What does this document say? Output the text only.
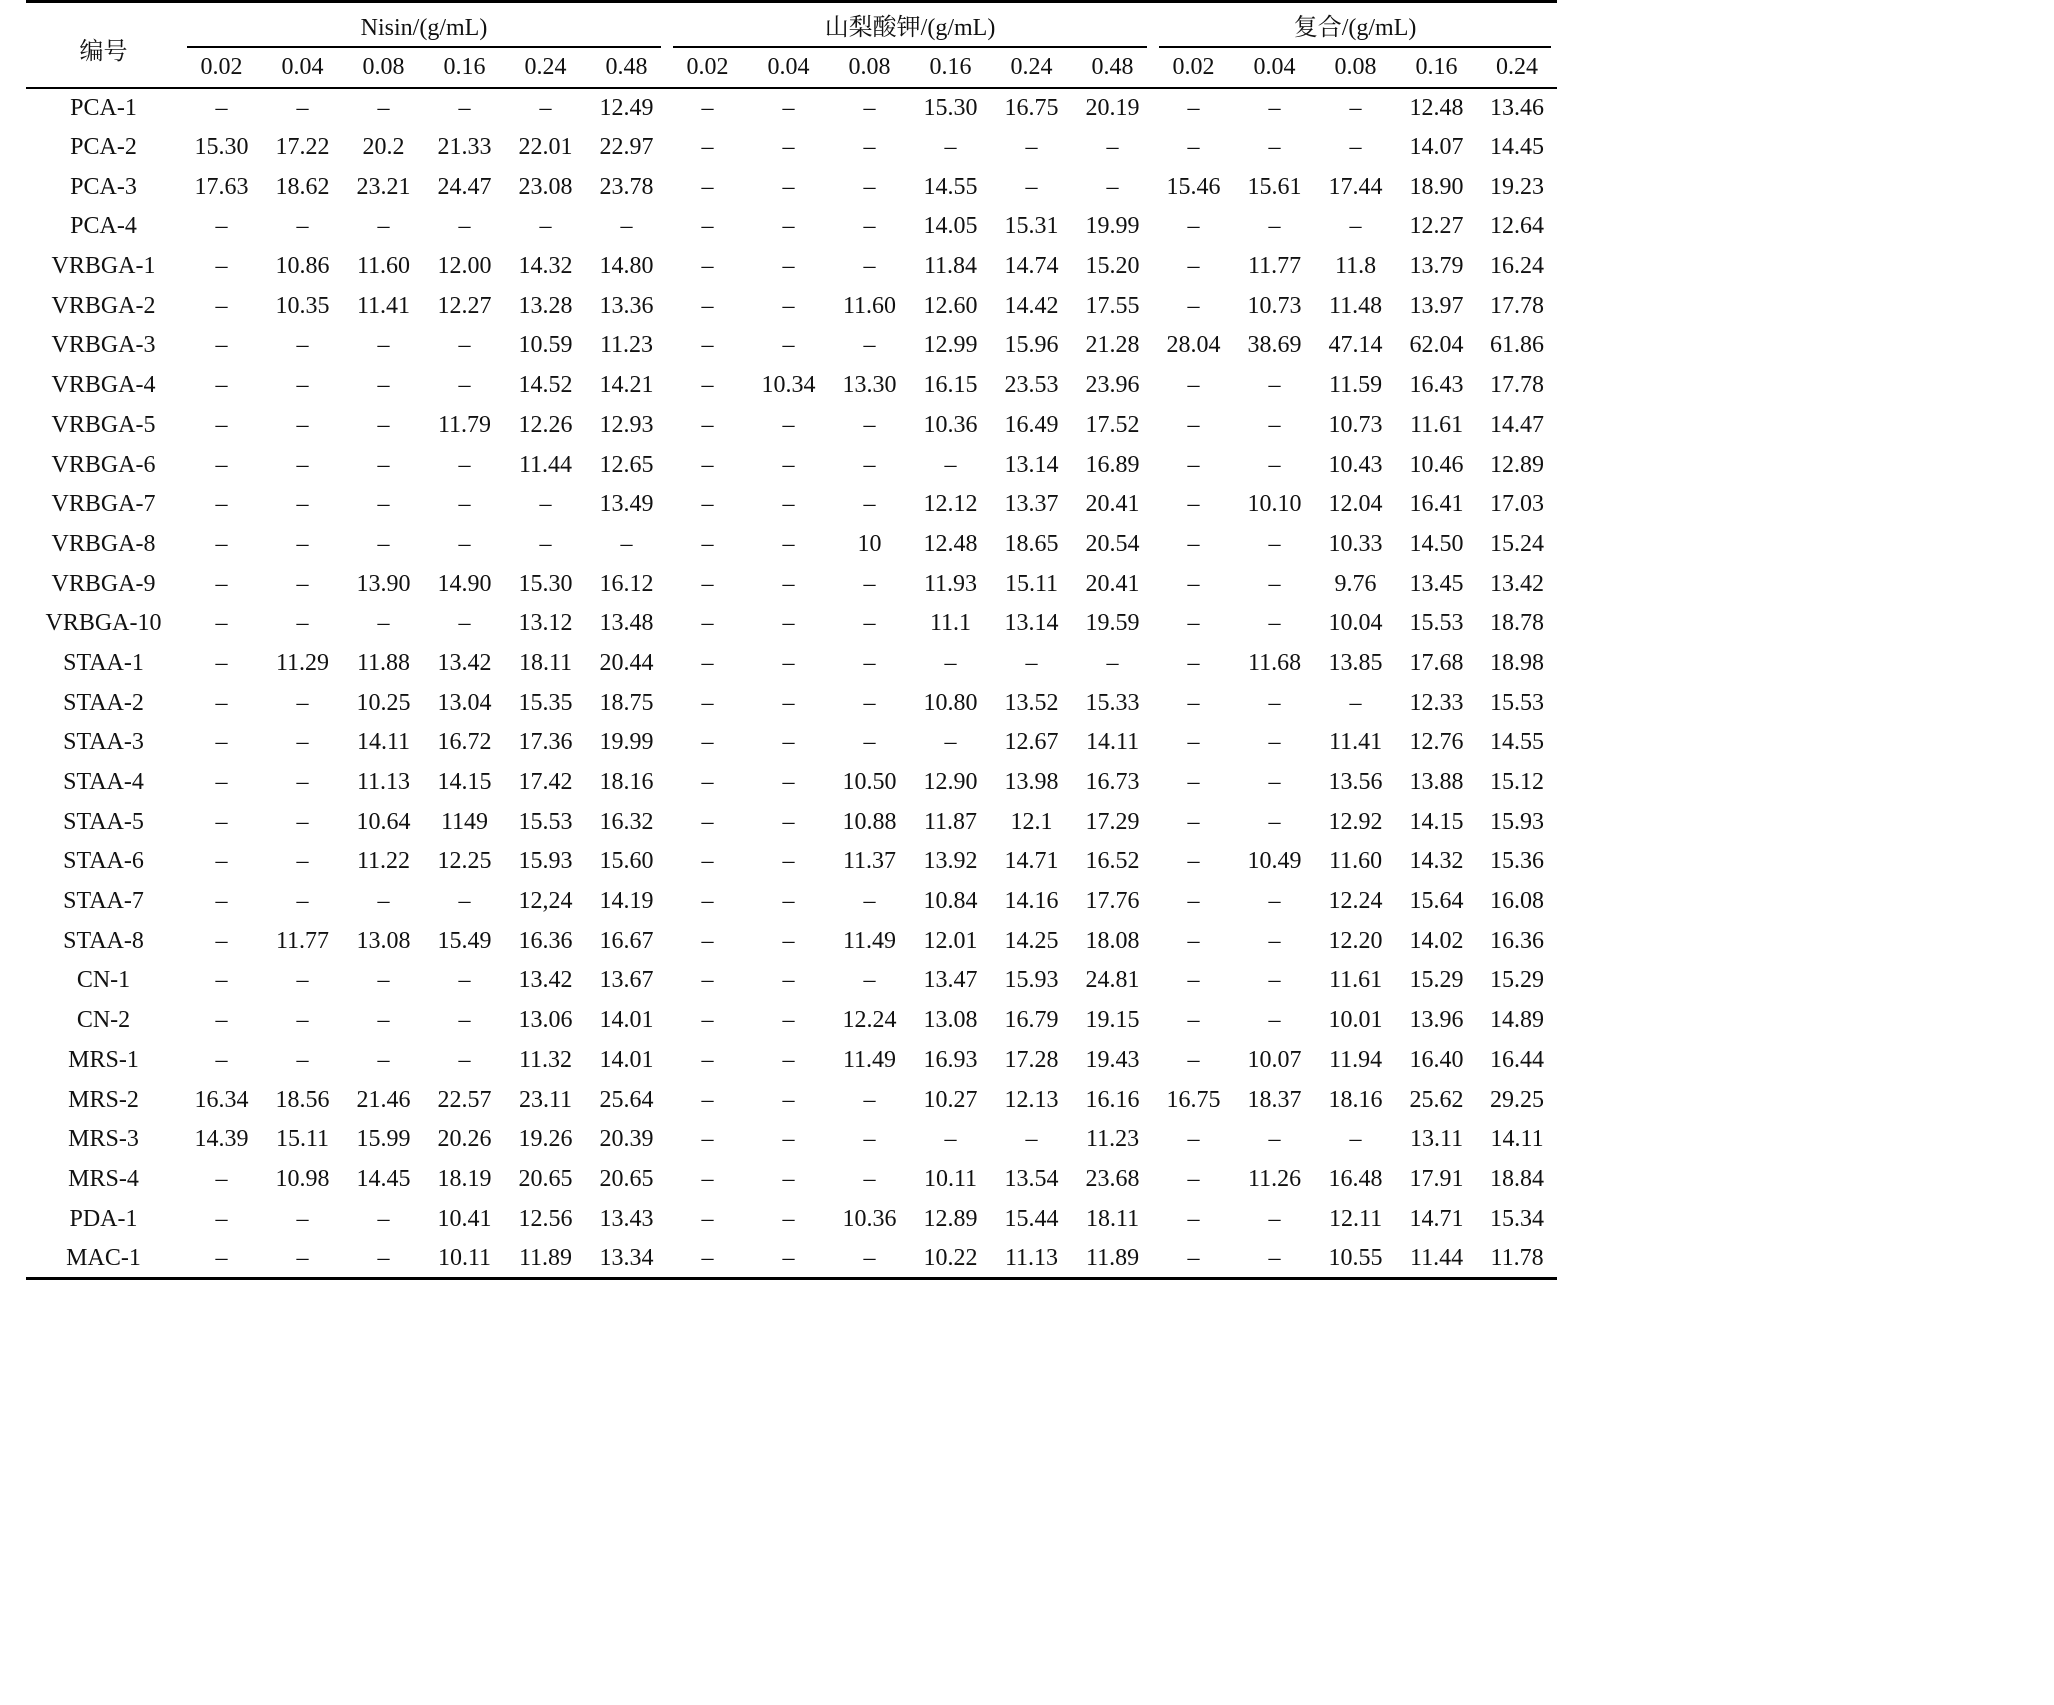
编号	Nisin/(g/mL)						山梨酸钾/(g/mL)						复合/(g/mL)				

	0.02	0.04	0.08	0.16	0.24	0.48	0.02	0.04	0.08	0.16	0.24	0.48	0.02	0.04	0.08	0.16	0.24
PCA-1	–	–	–	–	–	12.49	–	–	–	15.30	16.75	20.19	–	–	–	12.48	13.46
PCA-2	15.30	17.22	20.2	21.33	22.01	22.97	–	–	–	–	–	–	–	–	–	14.07	14.45
PCA-3	17.63	18.62	23.21	24.47	23.08	23.78	–	–	–	14.55	–	–	15.46	15.61	17.44	18.90	19.23
PCA-4	–	–	–	–	–	–	–	–	–	14.05	15.31	19.99	–	–	–	12.27	12.64
VRBGA-1	–	10.86	11.60	12.00	14.32	14.80	–	–	–	11.84	14.74	15.20	–	11.77	11.8	13.79	16.24
VRBGA-2	–	10.35	11.41	12.27	13.28	13.36	–	–	11.60	12.60	14.42	17.55	–	10.73	11.48	13.97	17.78
VRBGA-3	–	–	–	–	10.59	11.23	–	–	–	12.99	15.96	21.28	28.04	38.69	47.14	62.04	61.86
VRBGA-4	–	–	–	–	14.52	14.21	–	10.34	13.30	16.15	23.53	23.96	–	–	11.59	16.43	17.78
VRBGA-5	–	–	–	11.79	12.26	12.93	–	–	–	10.36	16.49	17.52	–	–	10.73	11.61	14.47
VRBGA-6	–	–	–	–	11.44	12.65	–	–	–	–	13.14	16.89	–	–	10.43	10.46	12.89
VRBGA-7	–	–	–	–	–	13.49	–	–	–	12.12	13.37	20.41	–	10.10	12.04	16.41	17.03
VRBGA-8	–	–	–	–	–	–	–	–	10	12.48	18.65	20.54	–	–	10.33	14.50	15.24
VRBGA-9	–	–	13.90	14.90	15.30	16.12	–	–	–	11.93	15.11	20.41	–	–	9.76	13.45	13.42
VRBGA-10	–	–	–	–	13.12	13.48	–	–	–	11.1	13.14	19.59	–	–	10.04	15.53	18.78
STAA-1	–	11.29	11.88	13.42	18.11	20.44	–	–	–	–	–	–	–	11.68	13.85	17.68	18.98
STAA-2	–	–	10.25	13.04	15.35	18.75	–	–	–	10.80	13.52	15.33	–	–	–	12.33	15.53
STAA-3	–	–	14.11	16.72	17.36	19.99	–	–	–	–	12.67	14.11	–	–	11.41	12.76	14.55
STAA-4	–	–	11.13	14.15	17.42	18.16	–	–	10.50	12.90	13.98	16.73	–	–	13.56	13.88	15.12
STAA-5	–	–	10.64	1149	15.53	16.32	–	–	10.88	11.87	12.1	17.29	–	–	12.92	14.15	15.93
STAA-6	–	–	11.22	12.25	15.93	15.60	–	–	11.37	13.92	14.71	16.52	–	10.49	11.60	14.32	15.36
STAA-7	–	–	–	–	12,24	14.19	–	–	–	10.84	14.16	17.76	–	–	12.24	15.64	16.08
STAA-8	–	11.77	13.08	15.49	16.36	16.67	–	–	11.49	12.01	14.25	18.08	–	–	12.20	14.02	16.36
CN-1	–	–	–	–	13.42	13.67	–	–	–	13.47	15.93	24.81	–	–	11.61	15.29	15.29
CN-2	–	–	–	–	13.06	14.01	–	–	12.24	13.08	16.79	19.15	–	–	10.01	13.96	14.89
MRS-1	–	–	–	–	11.32	14.01	–	–	11.49	16.93	17.28	19.43	–	10.07	11.94	16.40	16.44
MRS-2	16.34	18.56	21.46	22.57	23.11	25.64	–	–	–	10.27	12.13	16.16	16.75	18.37	18.16	25.62	29.25
MRS-3	14.39	15.11	15.99	20.26	19.26	20.39	–	–	–	–	–	11.23	–	–	–	13.11	14.11
MRS-4	–	10.98	14.45	18.19	20.65	20.65	–	–	–	10.11	13.54	23.68	–	11.26	16.48	17.91	18.84
PDA-1	–	–	–	10.41	12.56	13.43	–	–	10.36	12.89	15.44	18.11	–	–	12.11	14.71	15.34
MAC-1	–	–	–	10.11	11.89	13.34	–	–	–	10.22	11.13	11.89	–	–	10.55	11.44	11.78
